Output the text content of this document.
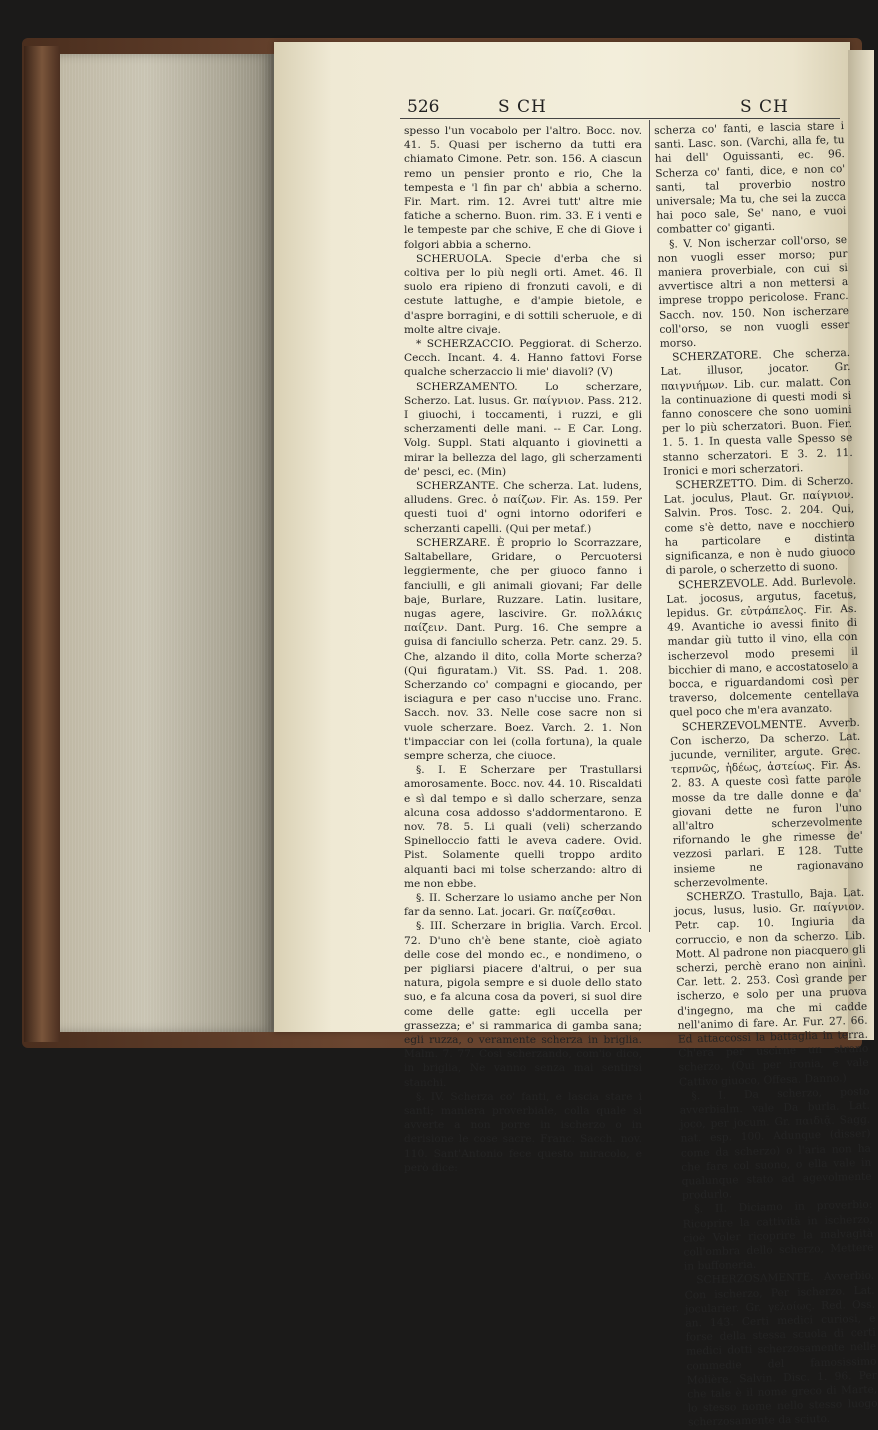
526	S CH	S CH

spesso l'un vocabolo per l'altro. Bocc. nov. 41. 5. Quasi per ischerno da tutti era chiamato Cimone. Petr. son. 156. A ciascun remo un pensier pronto e rio, Che la tempesta e 'l fin par ch' abbia a scherno. Fir. Mart. rim. 12. Avrei tutt' altre mie fatiche a scherno. Buon. rim. 33. E i venti e le tempeste par che schive, E che di Giove i folgori abbia a scherno.

SCHERUOLA. Specie d'erba che si coltiva per lo più negli orti. Amet. 46. Il suolo era ripieno di fronzuti cavoli, e di cestute lattughe, e d'ampie bietole, e d'aspre borragini, e di sottili scheruole, e di molte altre civaje.

* SCHERZACCIO. Peggiorat. di Scherzo. Cecch. Incant. 4. 4. Hanno fattovi Forse qualche scherzaccio li mie' diavoli? (V)

SCHERZAMENTO. Lo scherzare, Scherzo. Lat. lusus. Gr. παίγνιον. Pass. 212. I giuochi, i toccamenti, i ruzzi, e gli scherzamenti delle mani. -- E Car. Long. Volg. Suppl. Stati alquanto i giovinetti a mirar la bellezza del lago, gli scherzamenti de' pesci, ec. (Min)

SCHERZANTE. Che scherza. Lat. ludens, alludens. Grec. ὁ παίζων. Fir. As. 159. Per questi tuoi d' ogni intorno odoriferi e scherzanti capelli. (Qui per metaf.)

SCHERZARE. È proprio lo Scorrazzare, Saltabellare, Gridare, o Percuotersi leggiermente, che per giuoco fanno i fanciulli, e gli animali giovani; Far delle baje, Burlare, Ruzzare. Latin. lusitare, nugas agere, lascivire. Gr. πολλάκις παίζειν. Dant. Purg. 16. Che sempre a guisa di fanciullo scherza. Petr. canz. 29. 5. Che, alzando il dito, colla Morte scherza? (Qui figuratam.) Vit. SS. Pad. 1. 208. Scherzando co' compagni e giocando, per isciagura e per caso n'uccise uno. Franc. Sacch. nov. 33. Nelle cose sacre non si vuole scherzare. Boez. Varch. 2. 1. Non t'impacciar con lei (colla fortuna), la quale sempre scherza, che ciuoce.

§. I. E Scherzare per Trastullarsi amorosamente. Bocc. nov. 44. 10. Riscaldati e sì dal tempo e sì dallo scherzare, senza alcuna cosa addosso s'addormentarono. E nov. 78. 5. Li quali (veli) scherzando Spinelloccio fatti le aveva cadere. Ovid. Pist. Solamente quelli troppo ardito alquanti baci mi tolse scherzando: altro di me non ebbe.

§. II. Scherzare lo usiamo anche per Non far da senno. Lat. jocari. Gr. παίζεσθαι.

§. III. Scherzare in briglia. Varch. Ercol. 72. D'uno ch'è bene stante, cioè agiato delle cose del mondo ec., e nondimeno, o per pigliarsi piacere d'altrui, o per sua natura, pigola sempre e si duole dello stato suo, e fa alcuna cosa da poveri, si suol dire come delle gatte: egli uccella per grassezza; e' si rammarica di gamba sana; egli ruzza, o veramente scherza in briglia. Malm. 7. 77. Così scherzando, com'io dico, in briglia, Ne vanno senza mai sentirsi stanchi.

§. IV. Scherza co' fanti, e lascia stare i santi; maniera proverbiale, colla quale si avverte a non porre in ischerzo o in derisione le cose sacre. Franc. Sacch. nov. 110. Sant'Antonio fece questo miracolo, e però dice:

scherza co' fanti, e lascia stare i santi. Lasc. son. (Varchi, alla fe, tu hai dell' Oguissanti, ec. 96. Scherza co' fanti, dice, e non co' santi, tal proverbio nostro universale; Ma tu, che sei la zucca hai poco sale, Se' nano, e vuoi combatter co' giganti.

§. V. Non ischerzar coll'orso, se non vuogli esser morso; pur maniera proverbiale, con cui si avvertisce altri a non mettersi a imprese troppo pericolose. Franc. Sacch. nov. 150. Non ischerzare coll'orso, se non vuogli esser morso.

SCHERZATORE. Che scherza. Lat. illusor, jocator. Gr. παιγνιήμων. Lib. cur. malatt. Con la continuazione di questi modi si fanno conoscere che sono uomini per lo più scherzatori. Buon. Fier. 1. 5. 1. In questa valle Spesso se stanno scherzatori. E 3. 2. 11. Ironici e mori scherzatori.

SCHERZETTO. Dim. di Scherzo. Lat. joculus, Plaut. Gr. παίγνιον. Salvin. Pros. Tosc. 2. 204. Qui, come s'è detto, nave e nocchiero ha particolare e distinta significanza, e non è nudo giuoco di parole, o scherzetto di suono.

SCHERZEVOLE. Add. Burlevole. Lat. jocosus, argutus, facetus, lepidus. Gr. εὐτράπελος. Fir. As. 49. Avantiche io avessi finito di mandar giù tutto il vino, ella con ischerzevol modo presemi il bicchier di mano, e accostatoselo a bocca, e riguardandomi così per traverso, dolcemente centellava quel poco che m'era avanzato.

SCHERZEVOLMENTE. Avverb. Con ischerzo, Da scherzo. Lat. jucunde, verniliter, argute. Grec. τερπνῶς, ἡδέως, ἀστείως. Fir. As. 2. 83. A queste così fatte parole mosse da tre dalle donne e da' giovani dette ne furon l'uno all'altro scherzevolmente rifornando le ghe rimesse de' vezzosi parlari. E 128. Tutte insieme ne ragionavano scherzevolmente.

SCHERZO. Trastullo, Baja. Lat. jocus, lusus, lusio. Gr. παίγνιον. Petr. cap. 10. Ingiuria da corruccio, e non da scherzo. Lib. Mott. Al padrone non piacquero gli scherzi, perchè erano non aininì. Car. lett. 2. 253. Così grande per ischerzo, e solo per una pruova d'ingegno, ma che mi cadde nell'animo di fare. Ar. Fur. 27. 66. Ed attaccossi la battaglia in terra. Ch'era per uscirne un strano scherzo. (Qui per ironia, e vale Cattivo giuoco, Offesa. Danno.)

§. I. Da scherzo, posto avverbialm. vale Da burla. Lat. joco, per jocum. Gr. παιδιᾷ. Sagg. nat. esp. 100. Adunque (disser) come da scherzo) o l'aria non ha che fare col suono, o ella vale in qualunque stato ad agevolmente produrlo.

§. II. Diciamo in proverbio: Ricoprire la cattività in ischerzo, cioè Voler ricoprire la malvagità coll'ombra dello scherzo, Mettere in buffoneria.

SCHERZOSAMENTE. Avverbio. Con ischerzo, Per ischerzo. Lat. jocularier. Gr. γελοίως. Red. Oss. an. 143. Certi medici curiosi, e forse della stessa scuola di certi medici dotti scherzosamente nelle commedie del famosissimo Molière. Salvin. Disc. 1. 96. Per che tale è il nome greco di Marte, lo stesso nome nello stesso luogo scherzosamente da sciuto.
